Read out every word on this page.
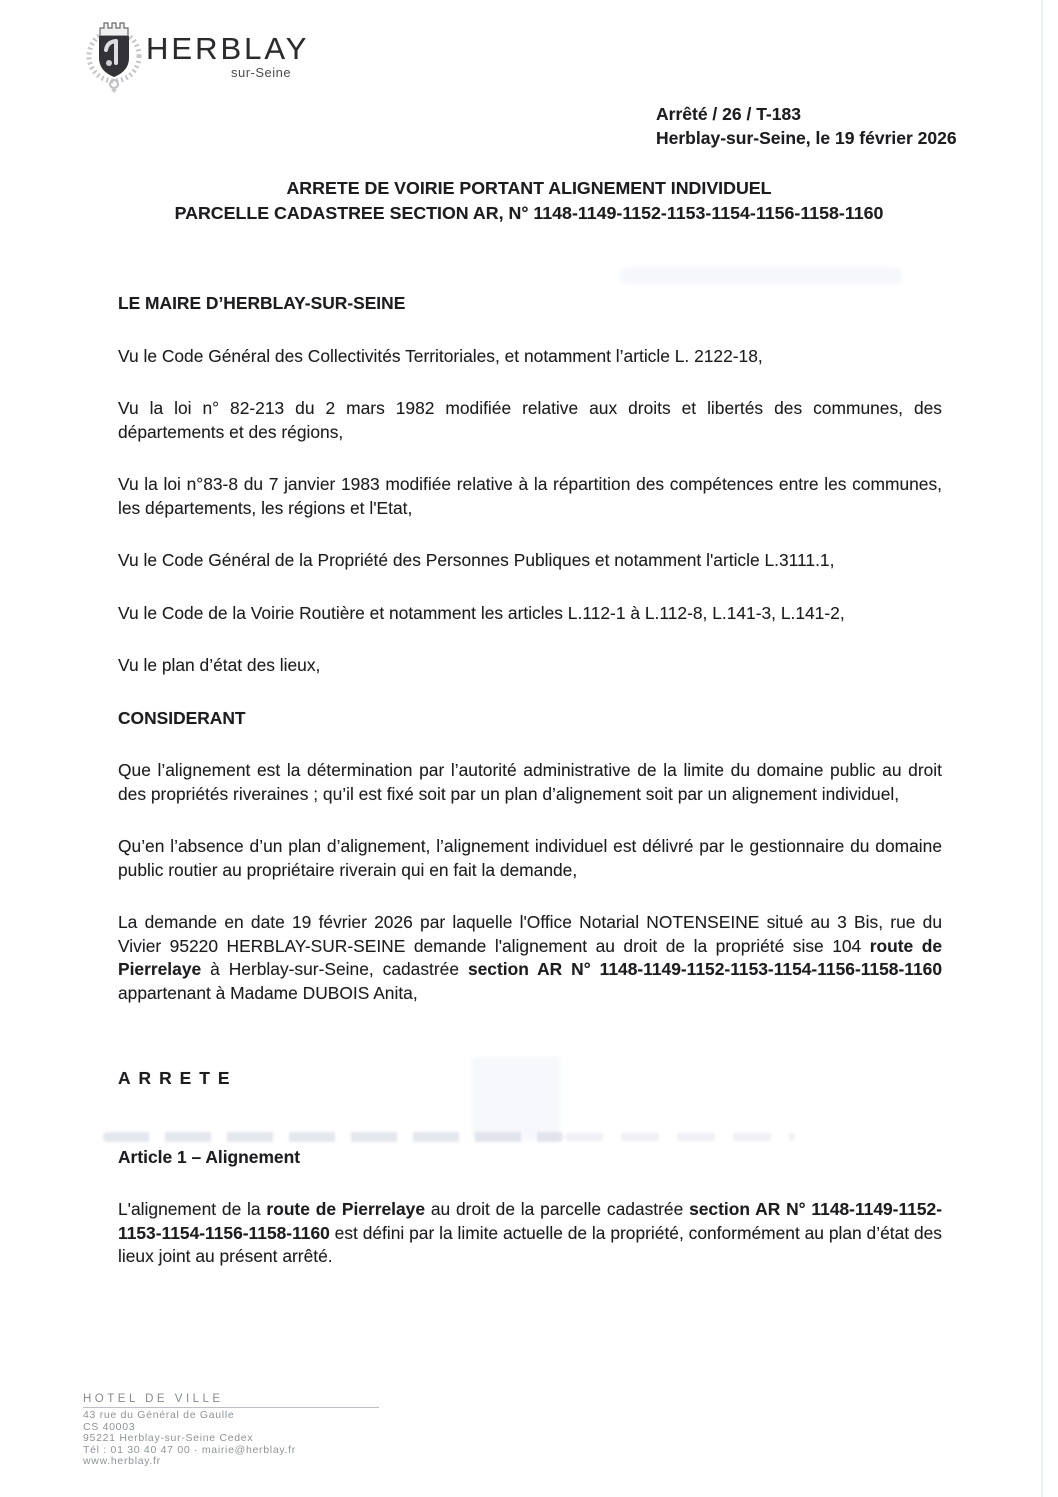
HERBLAY
sur-Seine
Arrêté / 26 / T-183
Herblay-sur-Seine, le 19 février 2026
ARRETE DE VOIRIE PORTANT ALIGNEMENT INDIVIDUEL
PARCELLE CADASTREE SECTION AR, N° 1148-1149-1152-1153-1154-1156-1158-1160

LE MAIRE D’HERBLAY-SUR-SEINE

Vu le Code Général des Collectivités Territoriales, et notamment l’article L. 2122-18,

Vu la loi n° 82-213 du 2 mars 1982 modifiée relative aux droits et libertés des communes, des départements et des régions,

Vu la loi n°83-8 du 7 janvier 1983 modifiée relative à la répartition des compétences entre les communes, les départements, les régions et l'Etat,

Vu le Code Général de la Propriété des Personnes Publiques et notamment l'article L.3111.1,

Vu le Code de la Voirie Routière et notamment les articles L.112-1 à L.112-8, L.141-3, L.141-2,

Vu le plan d’état des lieux,

CONSIDERANT

Que l’alignement est la détermination par l’autorité administrative de la limite du domaine public au droit des propriétés riveraines ; qu’il est fixé soit par un plan d’alignement soit par un alignement individuel,

Qu’en l’absence d’un plan d’alignement, l’alignement individuel est délivré par le gestionnaire du domaine public routier au propriétaire riverain qui en fait la demande,

La demande en date 19 février 2026 par laquelle l'Office Notarial NOTENSEINE situé au 3 Bis, rue du Vivier 95220 HERBLAY-SUR-SEINE demande l'alignement au droit de la propriété sise 104 route de Pierrelaye à Herblay-sur-Seine, cadastrée section AR N° 1148-1149-1152-1153-1154-1156-1158-1160 appartenant à Madame DUBOIS Anita,

ARRETE

Article 1 – Alignement

L'alignement de la route de Pierrelaye au droit de la parcelle cadastrée section AR N° 1148-1149-1152-1153-1154-1156-1158-1160 est défini par la limite actuelle de la propriété, conformément au plan d’état des lieux joint au présent arrêté.

HOTEL DE VILLE
43 rue du Général de Gaulle
CS 40003
95221 Herblay-sur-Seine Cedex
Tél : 01 30 40 47 00 · mairie@herblay.fr
www.herblay.fr
